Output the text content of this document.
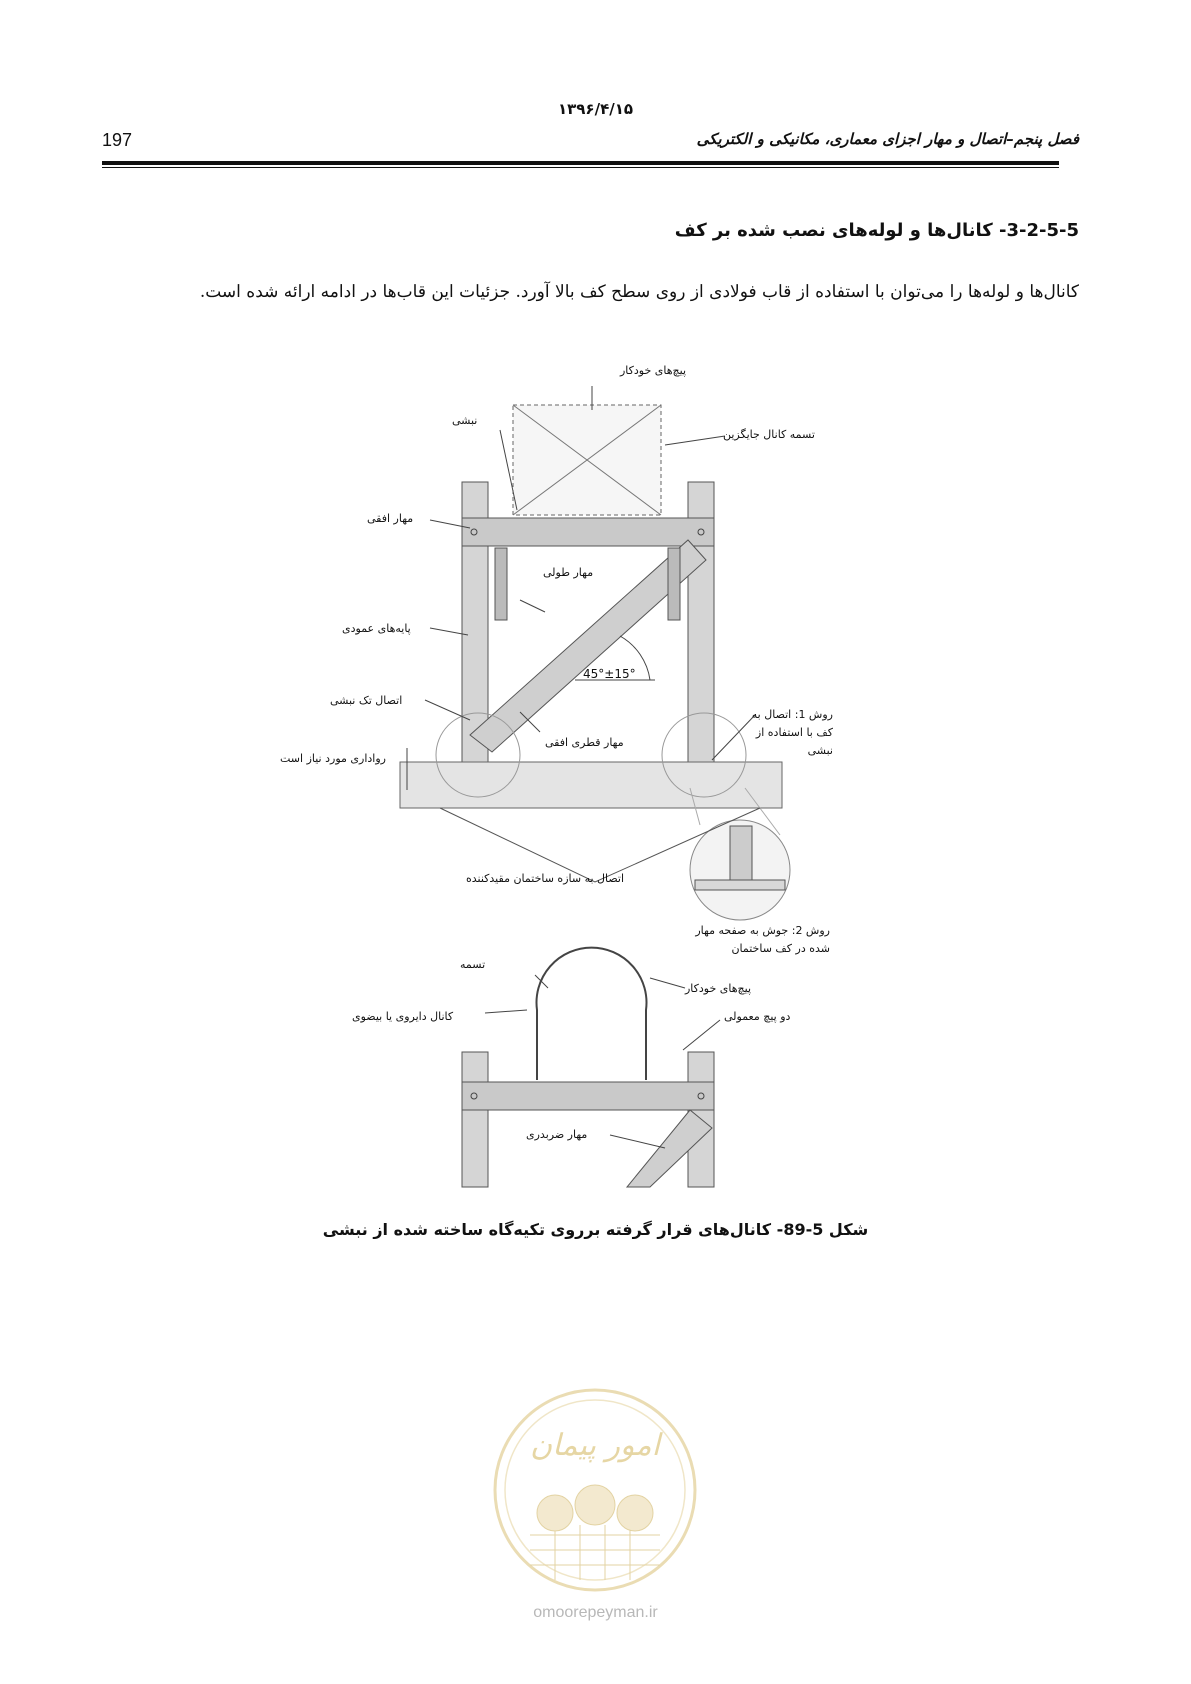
۱۳۹۶/۴/۱۵
197	فصل پنجم–اتصال و مهار اجزای معماری، مکانیکی و الکتریکی
3-2-5-5- کانال‌ها و لوله‌های نصب شده بر کف
کانال‌ها و لوله‌ها را می‌توان با استفاده از قاب فولادی از روی سطح کف بالا آورد. جزئیات این قاب‌ها در ادامه ارائه شده است.
پیچ‌های خودکار
نبشی
تسمه کانال جایگزین
مهار افقی
مهار طولی
پایه‌های عمودی
45°±15°
اتصال تک نبشی
روش 1: اتصال به کف با استفاده از نبشی
مهار قطری افقی
رواداری مورد نیاز است
اتصال به سازه ساختمان مقیدکننده
روش 2: جوش به صفحه مهار شده در کف ساختمان
تسمه
پیچ‌های خودکار
کانال دایروی یا بیضوی	دو پیچ معمولی
مهار ضربدری
شکل 5-89- کانال‌های قرار گرفته برروی تکیه‌گاه ساخته شده از نبشی
امور پیمان
omoorepeyman.ir
